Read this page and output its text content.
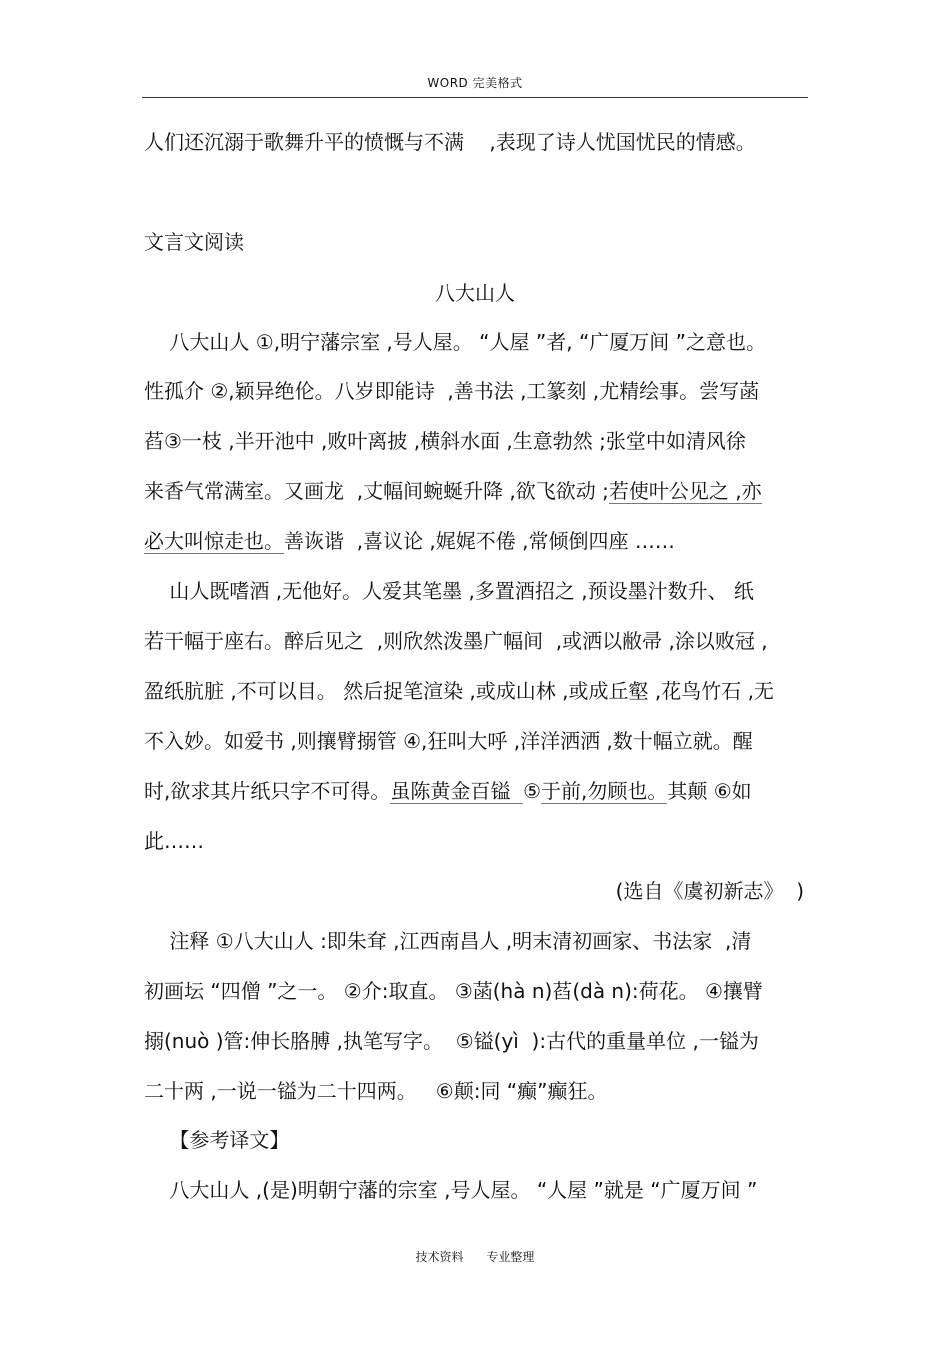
WORD 完美格式
人们还沉溺于歌舞升平的愤慨与不满    ,表现了诗人忧国忧民的情感。
文言文阅读
八大山人
八大山人 ①,明宁藩宗室 ,号人屋。 “人屋 ”者, “广厦万间 ”之意也。
性孤介 ②,颖异绝伦。八岁即能诗  ,善书法 ,工篆刻 ,尤精绘事。尝写菡
萏③一枝 ,半开池中 ,败叶离披 ,横斜水面 ,生意勃然 ;张堂中如清风徐
来香气常满室。又画龙  ,丈幅间蜿蜒升降 ,欲飞欲动 ;若使叶公见之 ,亦
必大叫惊走也。善诙谐  ,喜议论 ,娓娓不倦 ,常倾倒四座 ……
山人既嗜酒 ,无他好。人爱其笔墨 ,多置酒招之 ,预设墨汁数升、 纸
若干幅于座右。醉后见之  ,则欣然泼墨广幅间  ,或洒以敝帚 ,涂以败冠 ,
盈纸肮脏 ,不可以目。 然后捉笔渲染 ,或成山林 ,或成丘壑 ,花鸟竹石 ,无
不入妙。如爱书 ,则攘臂搦管 ④,狂叫大呼 ,洋洋洒洒 ,数十幅立就。醒
时,欲求其片纸只字不可得。虽陈黄金百镒  ⑤于前,勿顾也。其颠 ⑥如
此……
(选自《虞初新志》  )
注释 ①八大山人 :即朱耷 ,江西南昌人 ,明末清初画家、书法家  ,清
初画坛 “四僧 ”之一。 ②介:取直。 ③菡(hà n)萏(dà n):荷花。 ④攘臂
搦(nuò )管:伸长胳膊 ,执笔写字。  ⑤镒(yì  ):古代的重量单位 ,一镒为
二十两 ,一说一镒为二十四两。   ⑥颠:同 “癫”癫狂。
【参考译文】
八大山人 ,(是)明朝宁藩的宗室 ,号人屋。 “人屋 ”就是 “广厦万间 ”
技术资料      专业整理
